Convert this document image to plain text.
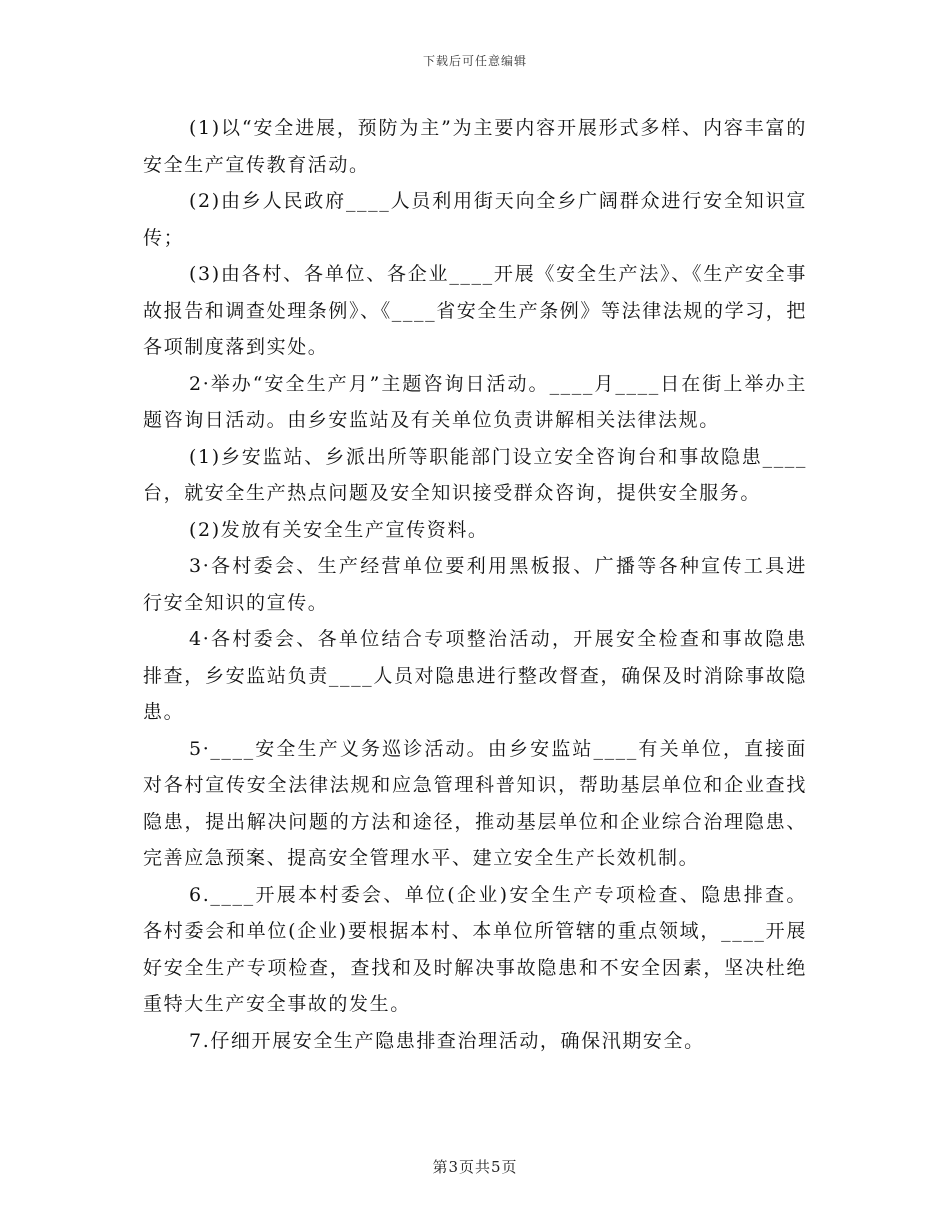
下载后可任意编辑

(1)以“安全进展，预防为主”为主要内容开展形式多样、内容丰富的安全生产宣传教育活动。

(2)由乡人民政府____人员利用街天向全乡广阔群众进行安全知识宣传；

(3)由各村、各单位、各企业____开展《安全生产法》、《生产安全事故报告和调查处理条例》、《____省安全生产条例》等法律法规的学习，把各项制度落到实处。

2·举办“安全生产月”主题咨询日活动。____月____日在街上举办主题咨询日活动。由乡安监站及有关单位负责讲解相关法律法规。

(1)乡安监站、乡派出所等职能部门设立安全咨询台和事故隐患____台，就安全生产热点问题及安全知识接受群众咨询，提供安全服务。

(2)发放有关安全生产宣传资料。

3·各村委会、生产经营单位要利用黑板报、广播等各种宣传工具进行安全知识的宣传。

4·各村委会、各单位结合专项整治活动，开展安全检查和事故隐患排查，乡安监站负责____人员对隐患进行整改督查，确保及时消除事故隐患。

5·____安全生产义务巡诊活动。由乡安监站____有关单位，直接面对各村宣传安全法律法规和应急管理科普知识，帮助基层单位和企业查找隐患，提出解决问题的方法和途径，推动基层单位和企业综合治理隐患、完善应急预案、提高安全管理水平、建立安全生产长效机制。

6.____开展本村委会、单位(企业)安全生产专项检查、隐患排查。各村委会和单位(企业)要根据本村、本单位所管辖的重点领域，____开展好安全生产专项检查，查找和及时解决事故隐患和不安全因素，坚决杜绝重特大生产安全事故的发生。

7.仔细开展安全生产隐患排查治理活动，确保汛期安全。

第3页共5页
